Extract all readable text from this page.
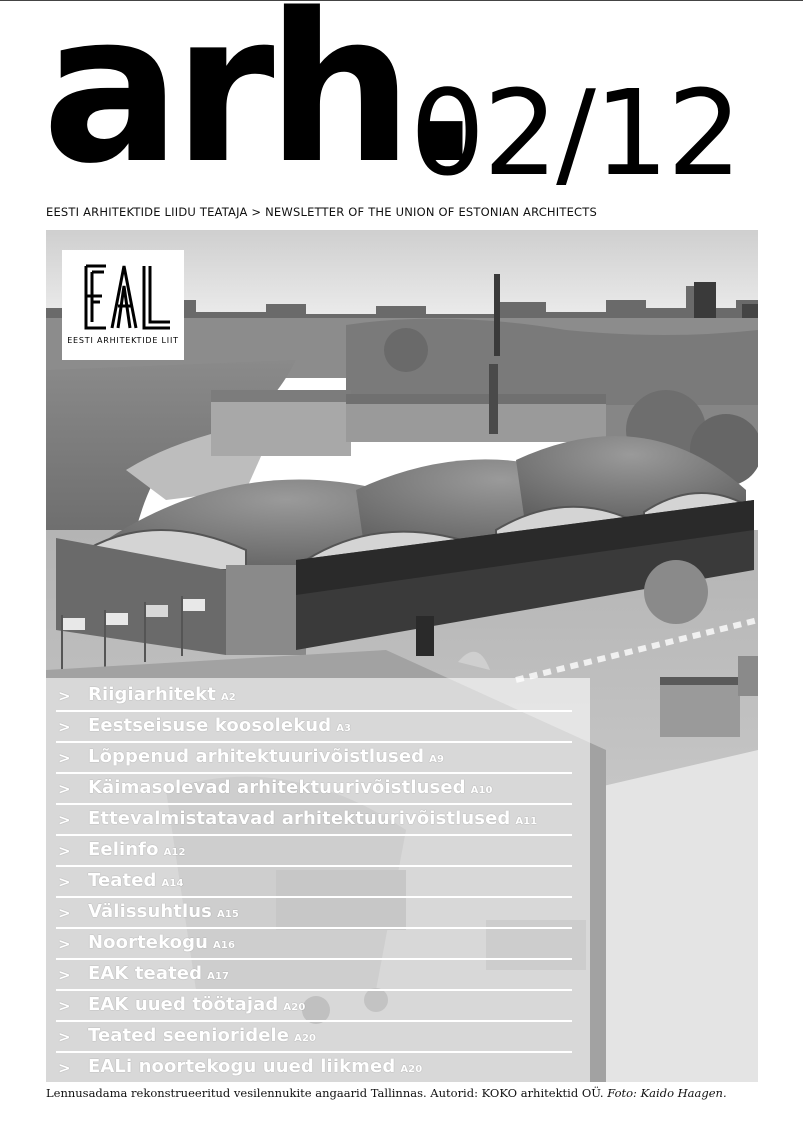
arh.
02/12
EESTI ARHITEKTIDE LIIDU TEATAJA > NEWSLETTER OF THE UNION OF ESTONIAN ARCHITECTS
EESTI ARHITEKTIDE LIIT
> Riigiarhitekt A2
> Eestseisuse koosolekud A3
> Lõppenud arhitektuurivõistlused A9
> Käimasolevad arhitektuurivõistlused A10
> Ettevalmistatavad arhitektuurivõistlused A11
> Eelinfo A12
> Teated A14
> Välissuhtlus A15
> Noortekogu A16
> EAK teated A17
> EAK uued töötajad A20
> Teated seenioridele A20
> EALi noortekogu uued liikmed A20
Lennusadama rekonstrueeritud vesilennukite angaarid Tallinnas. Autorid: KOKO arhitektid OÜ. Foto: Kaido Haagen.
